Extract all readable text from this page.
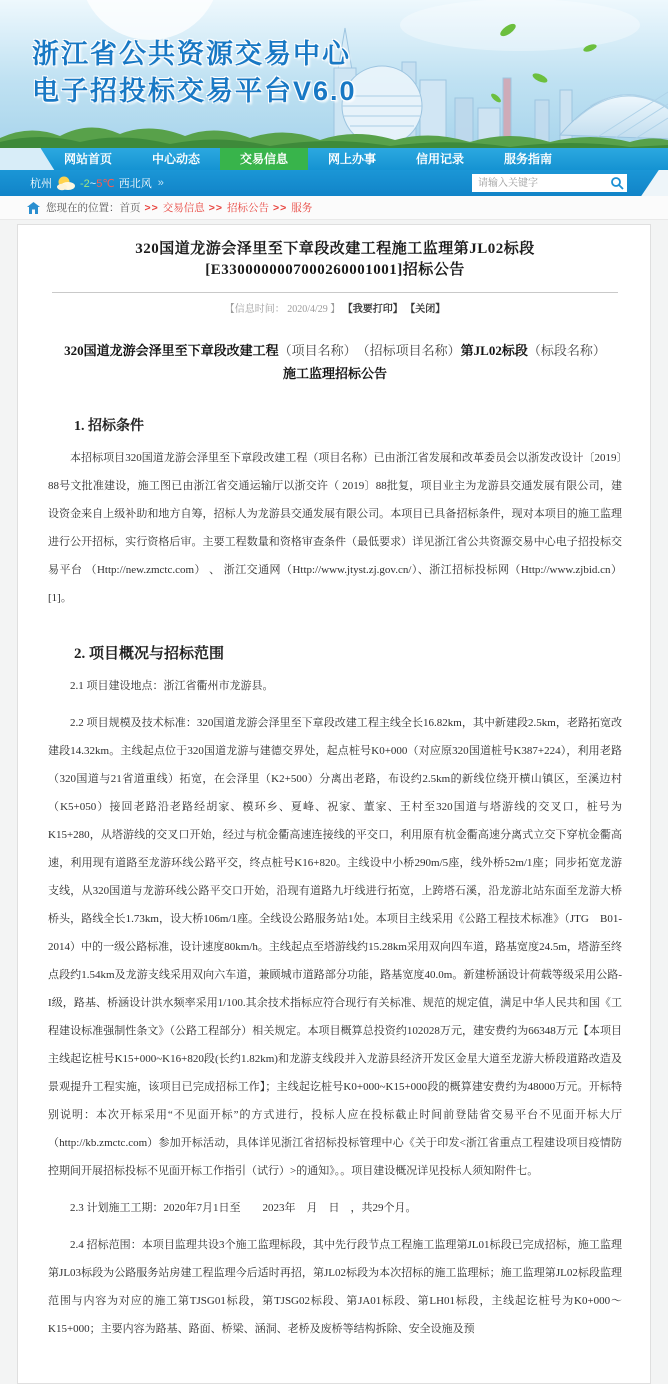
浙江省公共资源交易中心
电子招投标交易平台V6.0
网站首页	中心动态	交易信息	网上办事	信用记录	服务指南
杭州	-2~5℃ 西北风 »
请输入关键字
您现在的位置： 首页 >> 交易信息 >> 招标公告 >> 服务
320国道龙游会泽里至下章段改建工程施工监理第JL02标段
[E3300000007000260001001]招标公告
【信息时间： 2020/4/29 】 【我要打印】 【关闭】
320国道龙游会泽里至下章段改建工程（项目名称）　（招标项目名称）第JL02标段（标段名称）施工监理招标公告
1. 招标条件

本招标项目320国道龙游会泽里至下章段改建工程（项目名称）已由浙江省发展和改革委员会以浙发改设计〔2019〕88号文批准建设，施工图已由浙江省交通运输厅以浙交许（ 2019〕88批复，项目业主为龙游县交通发展有限公司，建设资金来自上级补助和地方自筹，招标人为龙游县交通发展有限公司。本项目已具备招标条件，现对本项目的施工监理进行公开招标，实行资格后审。主要工程数量和资格审查条件（最低要求）详见浙江省公共资源交易中心电子招投标交易平台 （Http://new.zmctc.com） 、 浙江交通网（Http://www.jtyst.zj.gov.cn/）、浙江招标投标网（Http://www.zjbid.cn）[1]。

2. 项目概况与招标范围

2.1 项目建设地点：浙江省衢州市龙游县。

2.2 项目规模及技术标准：320国道龙游会泽里至下章段改建工程主线全长16.82km，其中新建段2.5km，老路拓宽改建段14.32km。主线起点位于320国道龙游与建德交界处，起点桩号K0+000（对应原320国道桩号K387+224），利用老路（320国道与21省道重线）拓宽，在会泽里（K2+500）分离出老路，布设约2.5km的新线位绕开横山镇区，至溪边村（K5+050）接回老路沿老路经胡家、模环乡、夏峰、祝家、董家、王村至320国道与塔游线的交叉口，桩号为K15+280，从塔游线的交叉口开始，经过与杭金衢高速连接线的平交口，利用原有杭金衢高速分离式立交下穿杭金衢高速，利用现有道路至龙游环线公路平交，终点桩号K16+820。主线设中小桥290m/5座，线外桥52m/1座；同步拓宽龙游支线，从320国道与龙游环线公路平交口开始，沿现有道路九圩线进行拓宽，上跨塔石溪，沿龙游北站东面至龙游大桥桥头，路线全长1.73km，设大桥106m/1座。全线设公路服务站1处。本项目主线采用《公路工程技术标准》（JTG　B01-2014）中的一级公路标准，设计速度80km/h。主线起点至塔游线约15.28km采用双向四车道，路基宽度24.5m，塔游至终点段约1.54km及龙游支线采用双向六车道，兼顾城市道路部分功能，路基宽度40.0m。新建桥涵设计荷载等级采用公路-I级，路基、桥涵设计洪水频率采用1/100.其余技术指标应符合现行有关标准、规范的规定值，满足中华人民共和国《工程建设标准强制性条文》（公路工程部分）相关规定。本项目概算总投资约102028万元，建安费约为66348万元【本项目主线起讫桩号K15+000~K16+820段(长约1.82km)和龙游支线段并入龙游县经济开发区金星大道至龙游大桥段道路改造及景观提升工程实施，该项目已完成招标工作】；主线起讫桩号K0+000~K15+000段的概算建安费约为48000万元。开标特别说明：本次开标采用“不见面开标”的方式进行，投标人应在投标截止时间前登陆省交易平台不见面开标大厅（http://kb.zmctc.com）参加开标活动，具体详见浙江省招标投标管理中心《关于印发<浙江省重点工程建设项目疫情防控期间开展招标投标不见面开标工作指引（试行）>的通知》。。项目建设概况详见投标人须知附件七。

2.3 计划施工工期：2020年7月1日至　　2023年　月　日　，共29个月。

2.4 招标范围：本项目监理共设3个施工监理标段，其中先行段节点工程施工监理第JL01标段已完成招标，施工监理第JL03标段为公路服务站房建工程监理今后适时再招，第JL02标段为本次招标的施工监理标；施工监理第JL02标段监理范围与内容为对应的施工第TJSG01标段，第TJSG02标段、第JA01标段、第LH01标段，主线起讫桩号为K0+000～K15+000；主要内容为路基、路面、桥梁、涵洞、老桥及废桥等结构拆除、安全设施及预
